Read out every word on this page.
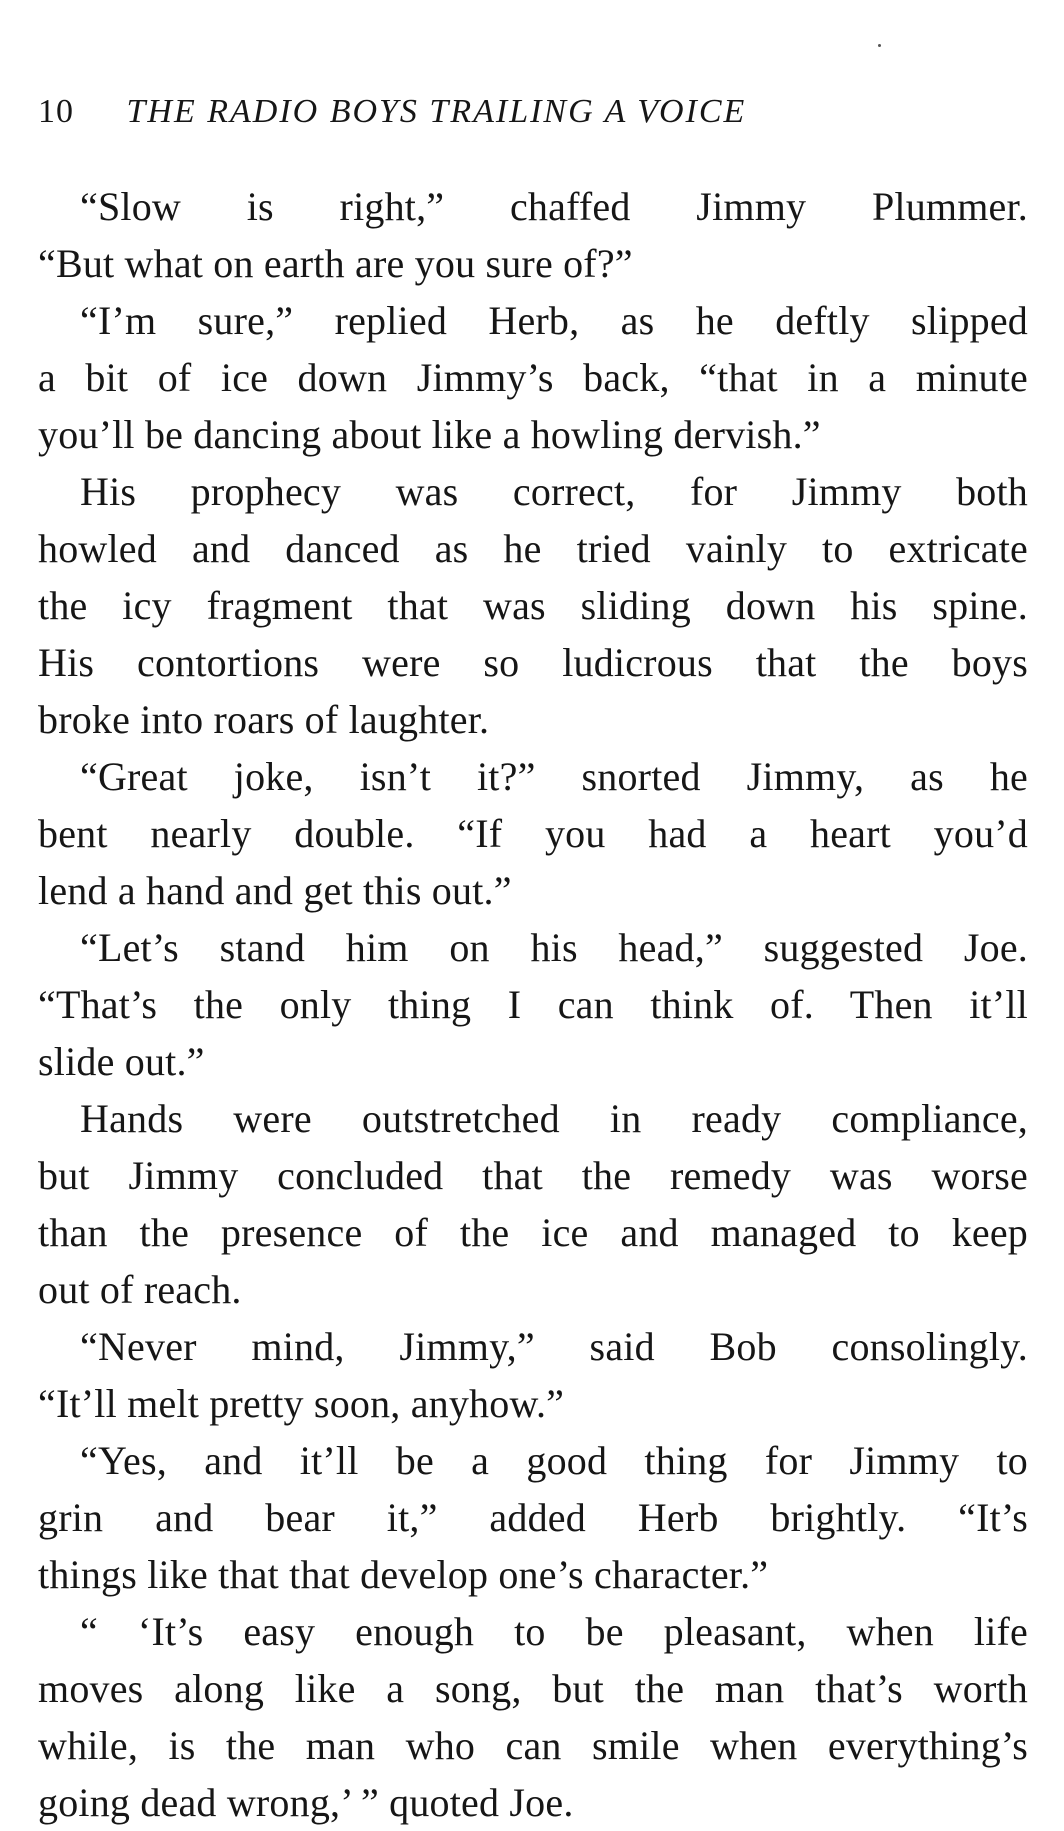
10 THE RADIO BOYS TRAILING A VOICE
“Slow is right,” chaffed Jimmy Plummer.
“But what on earth are you sure of?”
“I’m sure,” replied Herb, as he deftly slipped
a bit of ice down Jimmy’s back, “that in a minute
you’ll be dancing about like a howling dervish.”
His prophecy was correct, for Jimmy both
howled and danced as he tried vainly to extricate
the icy fragment that was sliding down his spine.
His contortions were so ludicrous that the boys
broke into roars of laughter.
“Great joke, isn’t it?” snorted Jimmy, as he
bent nearly double. “If you had a heart you’d
lend a hand and get this out.”
“Let’s stand him on his head,” suggested Joe.
“That’s the only thing I can think of. Then it’ll
slide out.”
Hands were outstretched in ready compliance,
but Jimmy concluded that the remedy was worse
than the presence of the ice and managed to keep
out of reach.
“Never mind, Jimmy,” said Bob consolingly.
“It’ll melt pretty soon, anyhow.”
“Yes, and it’ll be a good thing for Jimmy to
grin and bear it,” added Herb brightly. “It’s
things like that that develop one’s character.”
“ ‘It’s easy enough to be pleasant, when life
moves along like a song, but the man that’s worth
while, is the man who can smile when everything’s
going dead wrong,’ ” quoted Joe.
